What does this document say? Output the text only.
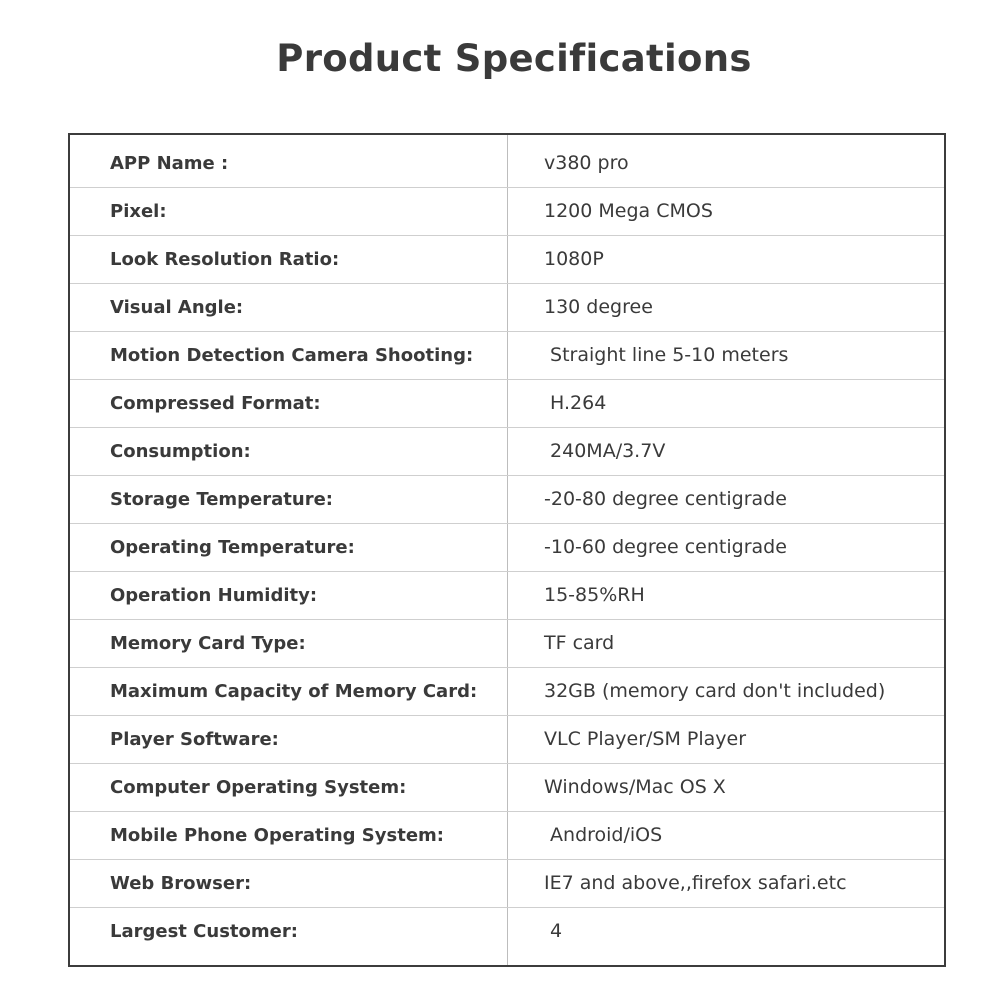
Product Specifications
APP Name :	v380 pro
Pixel:	1200 Mega CMOS
Look Resolution Ratio:	1080P
Visual Angle:	130 degree
Motion Detection Camera Shooting:	Straight line 5-10 meters
Compressed Format:	H.264
Consumption:	240MA/3.7V
Storage Temperature:	-20-80 degree centigrade
Operating Temperature:	-10-60 degree centigrade
Operation Humidity:	15-85%RH
Memory Card Type:	TF card
Maximum Capacity of Memory Card:	32GB (memory card don't included)
Player Software:	VLC Player/SM Player
Computer Operating System:	Windows/Mac OS X
Mobile Phone Operating System:	Android/iOS
Web Browser:	IE7 and above,,firefox safari.etc
Largest Customer:	4
